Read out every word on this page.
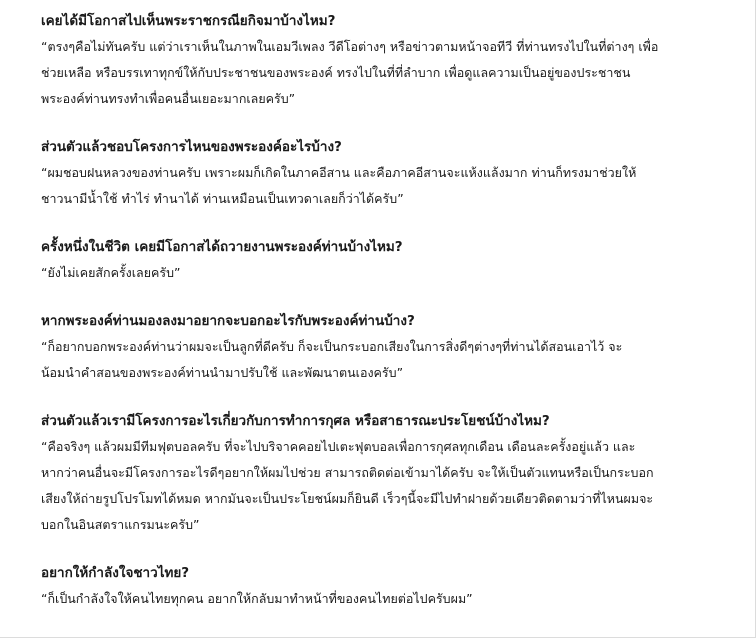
เคยได้มีโอกาสไปเห็นพระราชกรณียกิจมาบ้างไหม?

“ตรงๆคือไม่ทันครับ แต่ว่าเราเห็นในภาพในเอมวีเพลง วีดีโอต่างๆ หรือข่าวตามหน้าจอทีวี ที่ท่านทรงไปในที่ต่างๆ เพื่อ
ช่วยเหลือ หรือบรรเทาทุกข์ให้กับประชาชนของพระองค์ ทรงไปในที่ที่ลำบาก เพื่อดูแลความเป็นอยู่ของประชาชน
พระองค์ท่านทรงทำเพื่อคนอื่นเยอะมากเลยครับ”

ส่วนตัวแล้วชอบโครงการไหนของพระองค์อะไรบ้าง?

“ผมชอบฝนหลวงของท่านครับ เพราะผมก็เกิดในภาคอีสาน และคือภาคอีสานจะแห้งแล้งมาก ท่านก็ทรงมาช่วยให้
ชาวนามีน้ำใช้ ทำไร่ ทำนาได้ ท่านเหมือนเป็นเทวดาเลยก็ว่าได้ครับ”

ครั้งหนึ่งในชีวิต เคยมีโอกาสได้ถวายงานพระองค์ท่านบ้างไหม?

“ยังไม่เคยสักครั้งเลยครับ”

หากพระองค์ท่านมองลงมาอยากจะบอกอะไรกับพระองค์ท่านบ้าง?

“ก็อยากบอกพระองค์ท่านว่าผมจะเป็นลูกที่ดีครับ ก็จะเป็นกระบอกเสียงในการสิ่งดีๆต่างๆที่ท่านได้สอนเอาไว้ จะ
น้อมนำคำสอนของพระองค์ท่านนำมาปรับใช้ และพัฒนาตนเองครับ”

ส่วนตัวแล้วเรามีโครงการอะไรเกี่ยวกับการทำการกุศล หรือสาธารณะประโยชน์บ้างไหม?

“คือจริงๆ แล้วผมมีทีมฟุตบอลครับ ที่จะไปบริจาคคอยไปเตะฟุตบอลเพื่อการกุศลทุกเดือน เดือนละครั้งอยู่แล้ว และ
หากว่าคนอื่นจะมีโครงการอะไรดีๆอยากให้ผมไปช่วย สามารถติดต่อเข้ามาได้ครับ จะให้เป็นตัวแทนหรือเป็นกระบอก
เสียงให้ถ่ายรูปโปรโมทได้หมด หากมันจะเป็นประโยชน์ผมก็ยินดี เร็วๆนี้จะมีไปทำฝายด้วยเดียวติดตามว่าที่ไหนผมจะ
บอกในอินสตราแกรมนะครับ”

อยากให้กำลังใจชาวไทย?

“ก็เป็นกำลังใจให้คนไทยทุกคน อยากให้กลับมาทำหน้าที่ของคนไทยต่อไปครับผม”
